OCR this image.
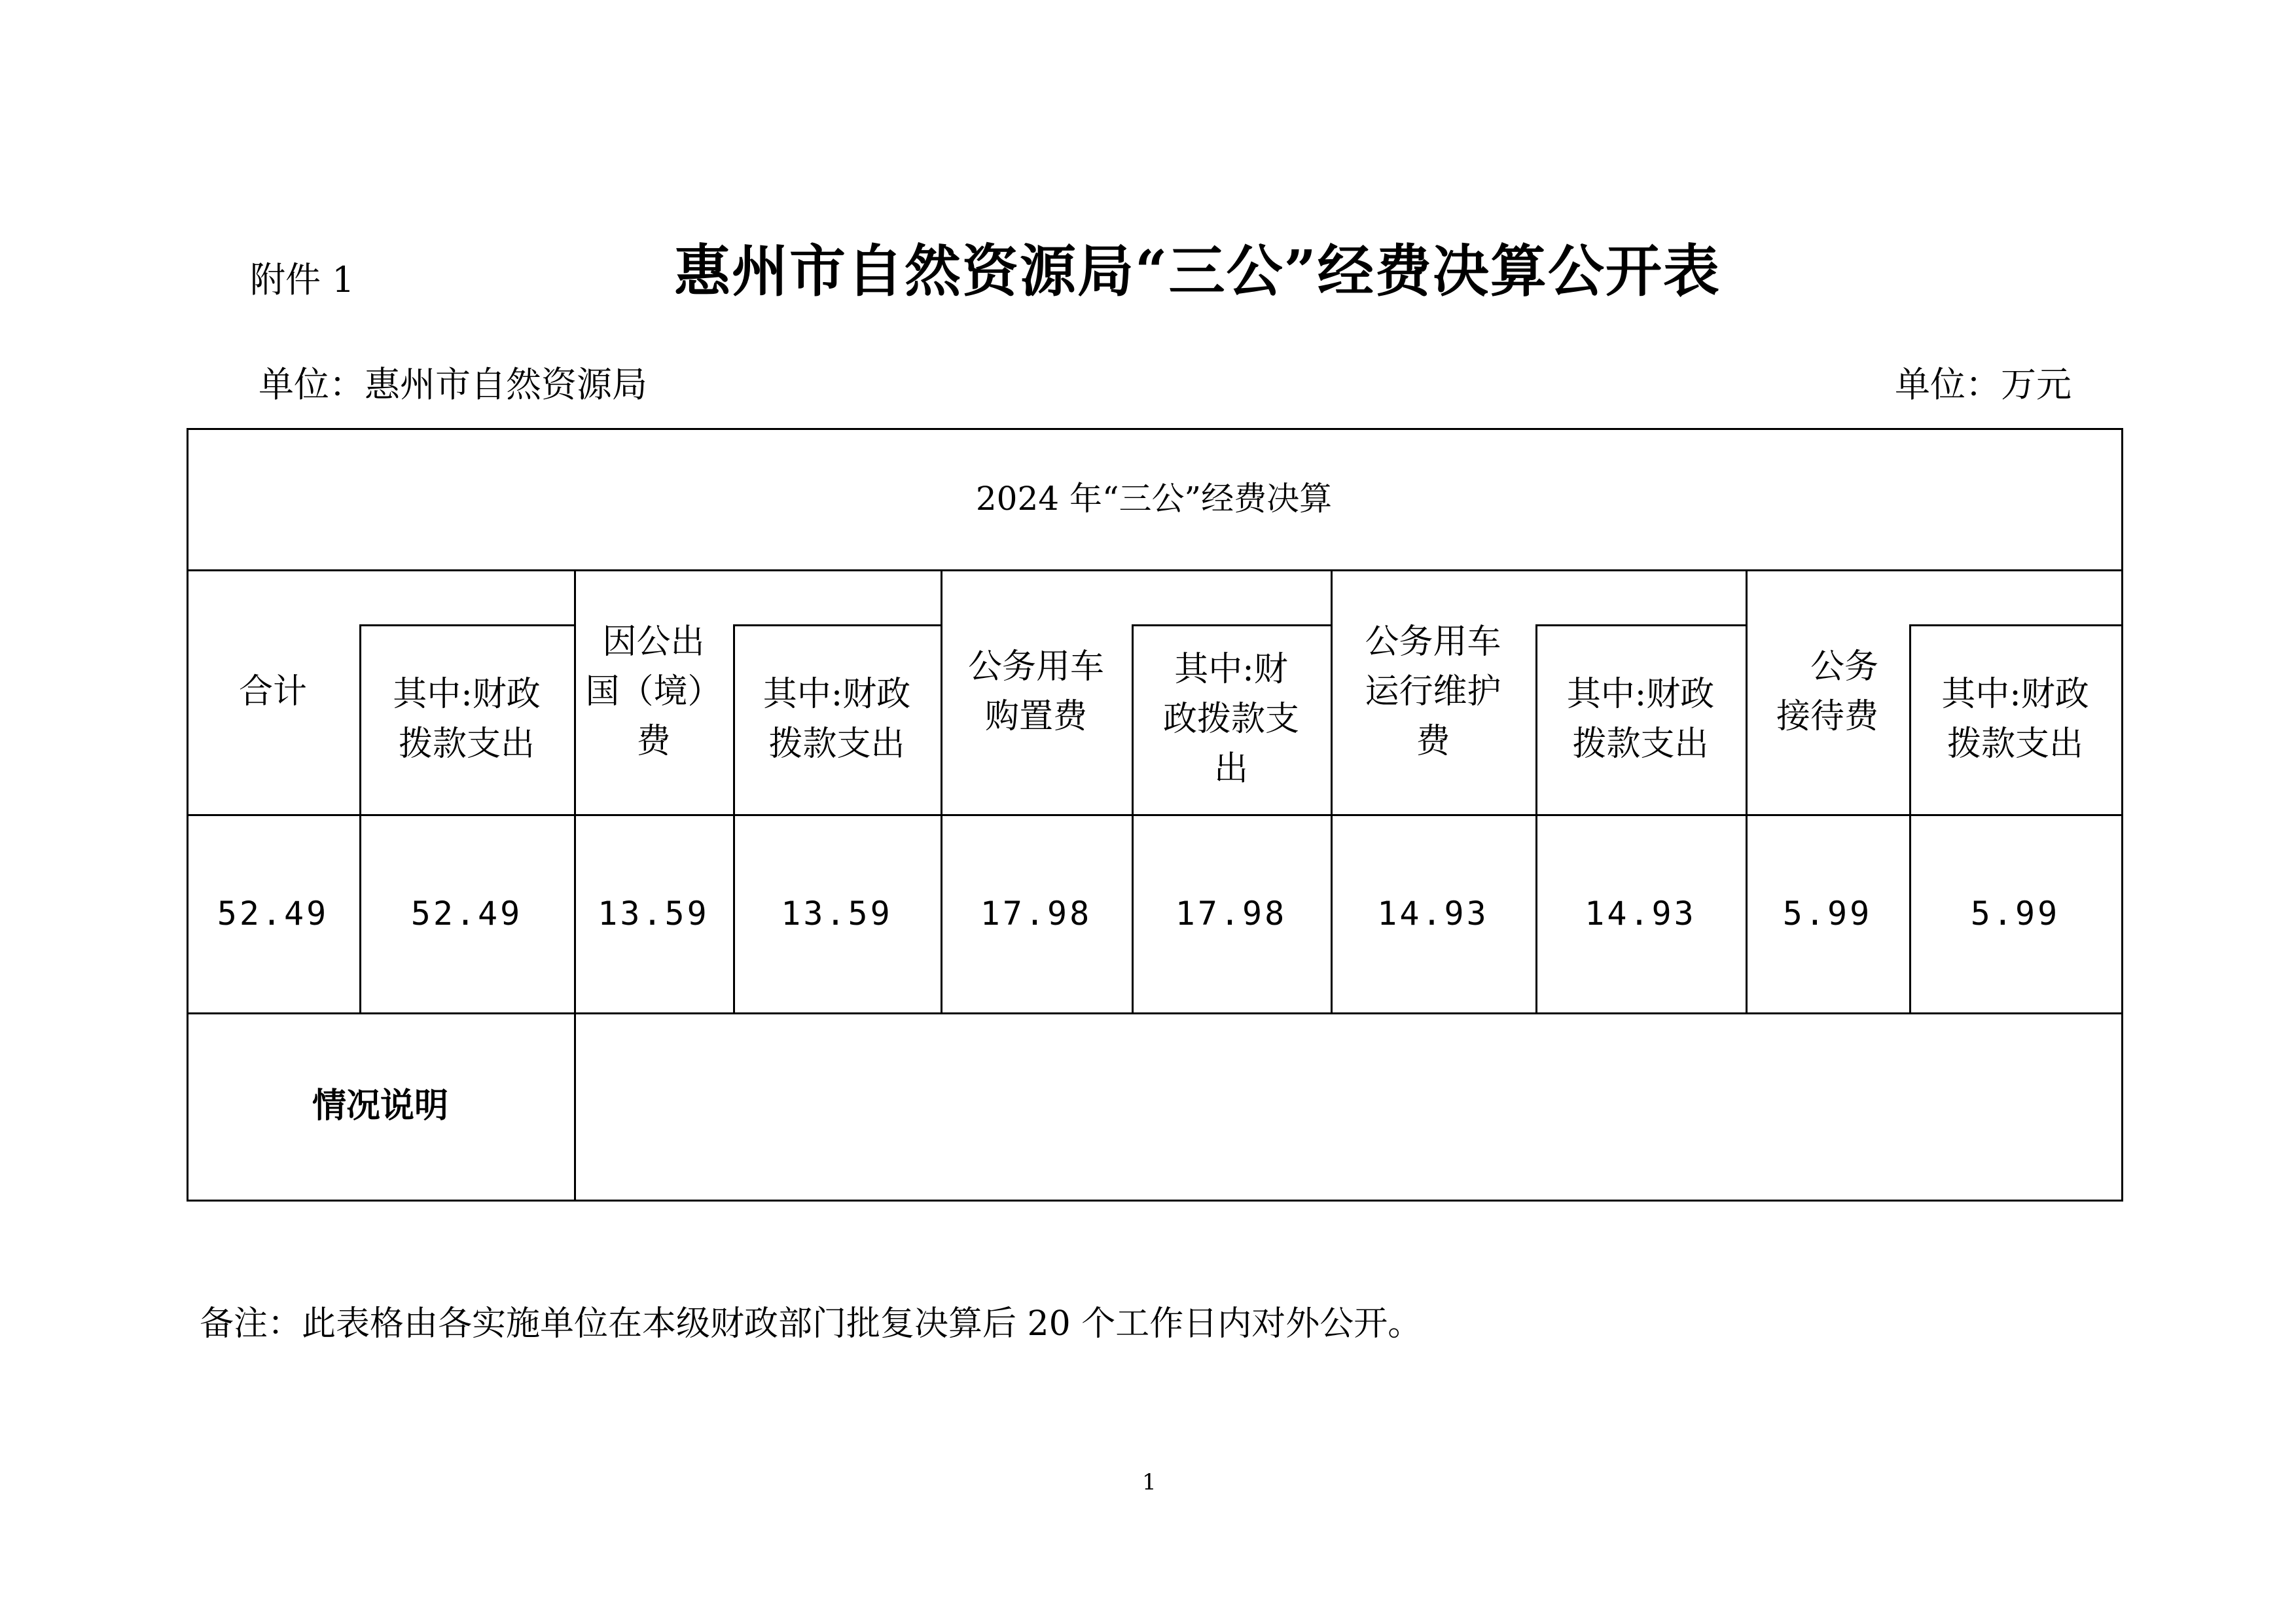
附件 1	惠州市自然资源局“三公”经费决算公开表
单位：惠州市自然资源局	单位：万元
2024 年“三公”经费决算
合计
52.49
其中:财政
拨款支出
52.49
因公出
国（境）
费
13.59
其中:财政
拨款支出
13.59
公务用车
购置费
17.98
其中:财
政拨款支
出
17.98
公务用车
运行维护
费
14.93
其中:财政
拨款支出
14.93
公务接待费
5.99
其中:财政
拨款支出
5.99
情况说明
备注：此表格由各实施单位在本级财政部门批复决算后 20 个工作日内对外公开。
1
